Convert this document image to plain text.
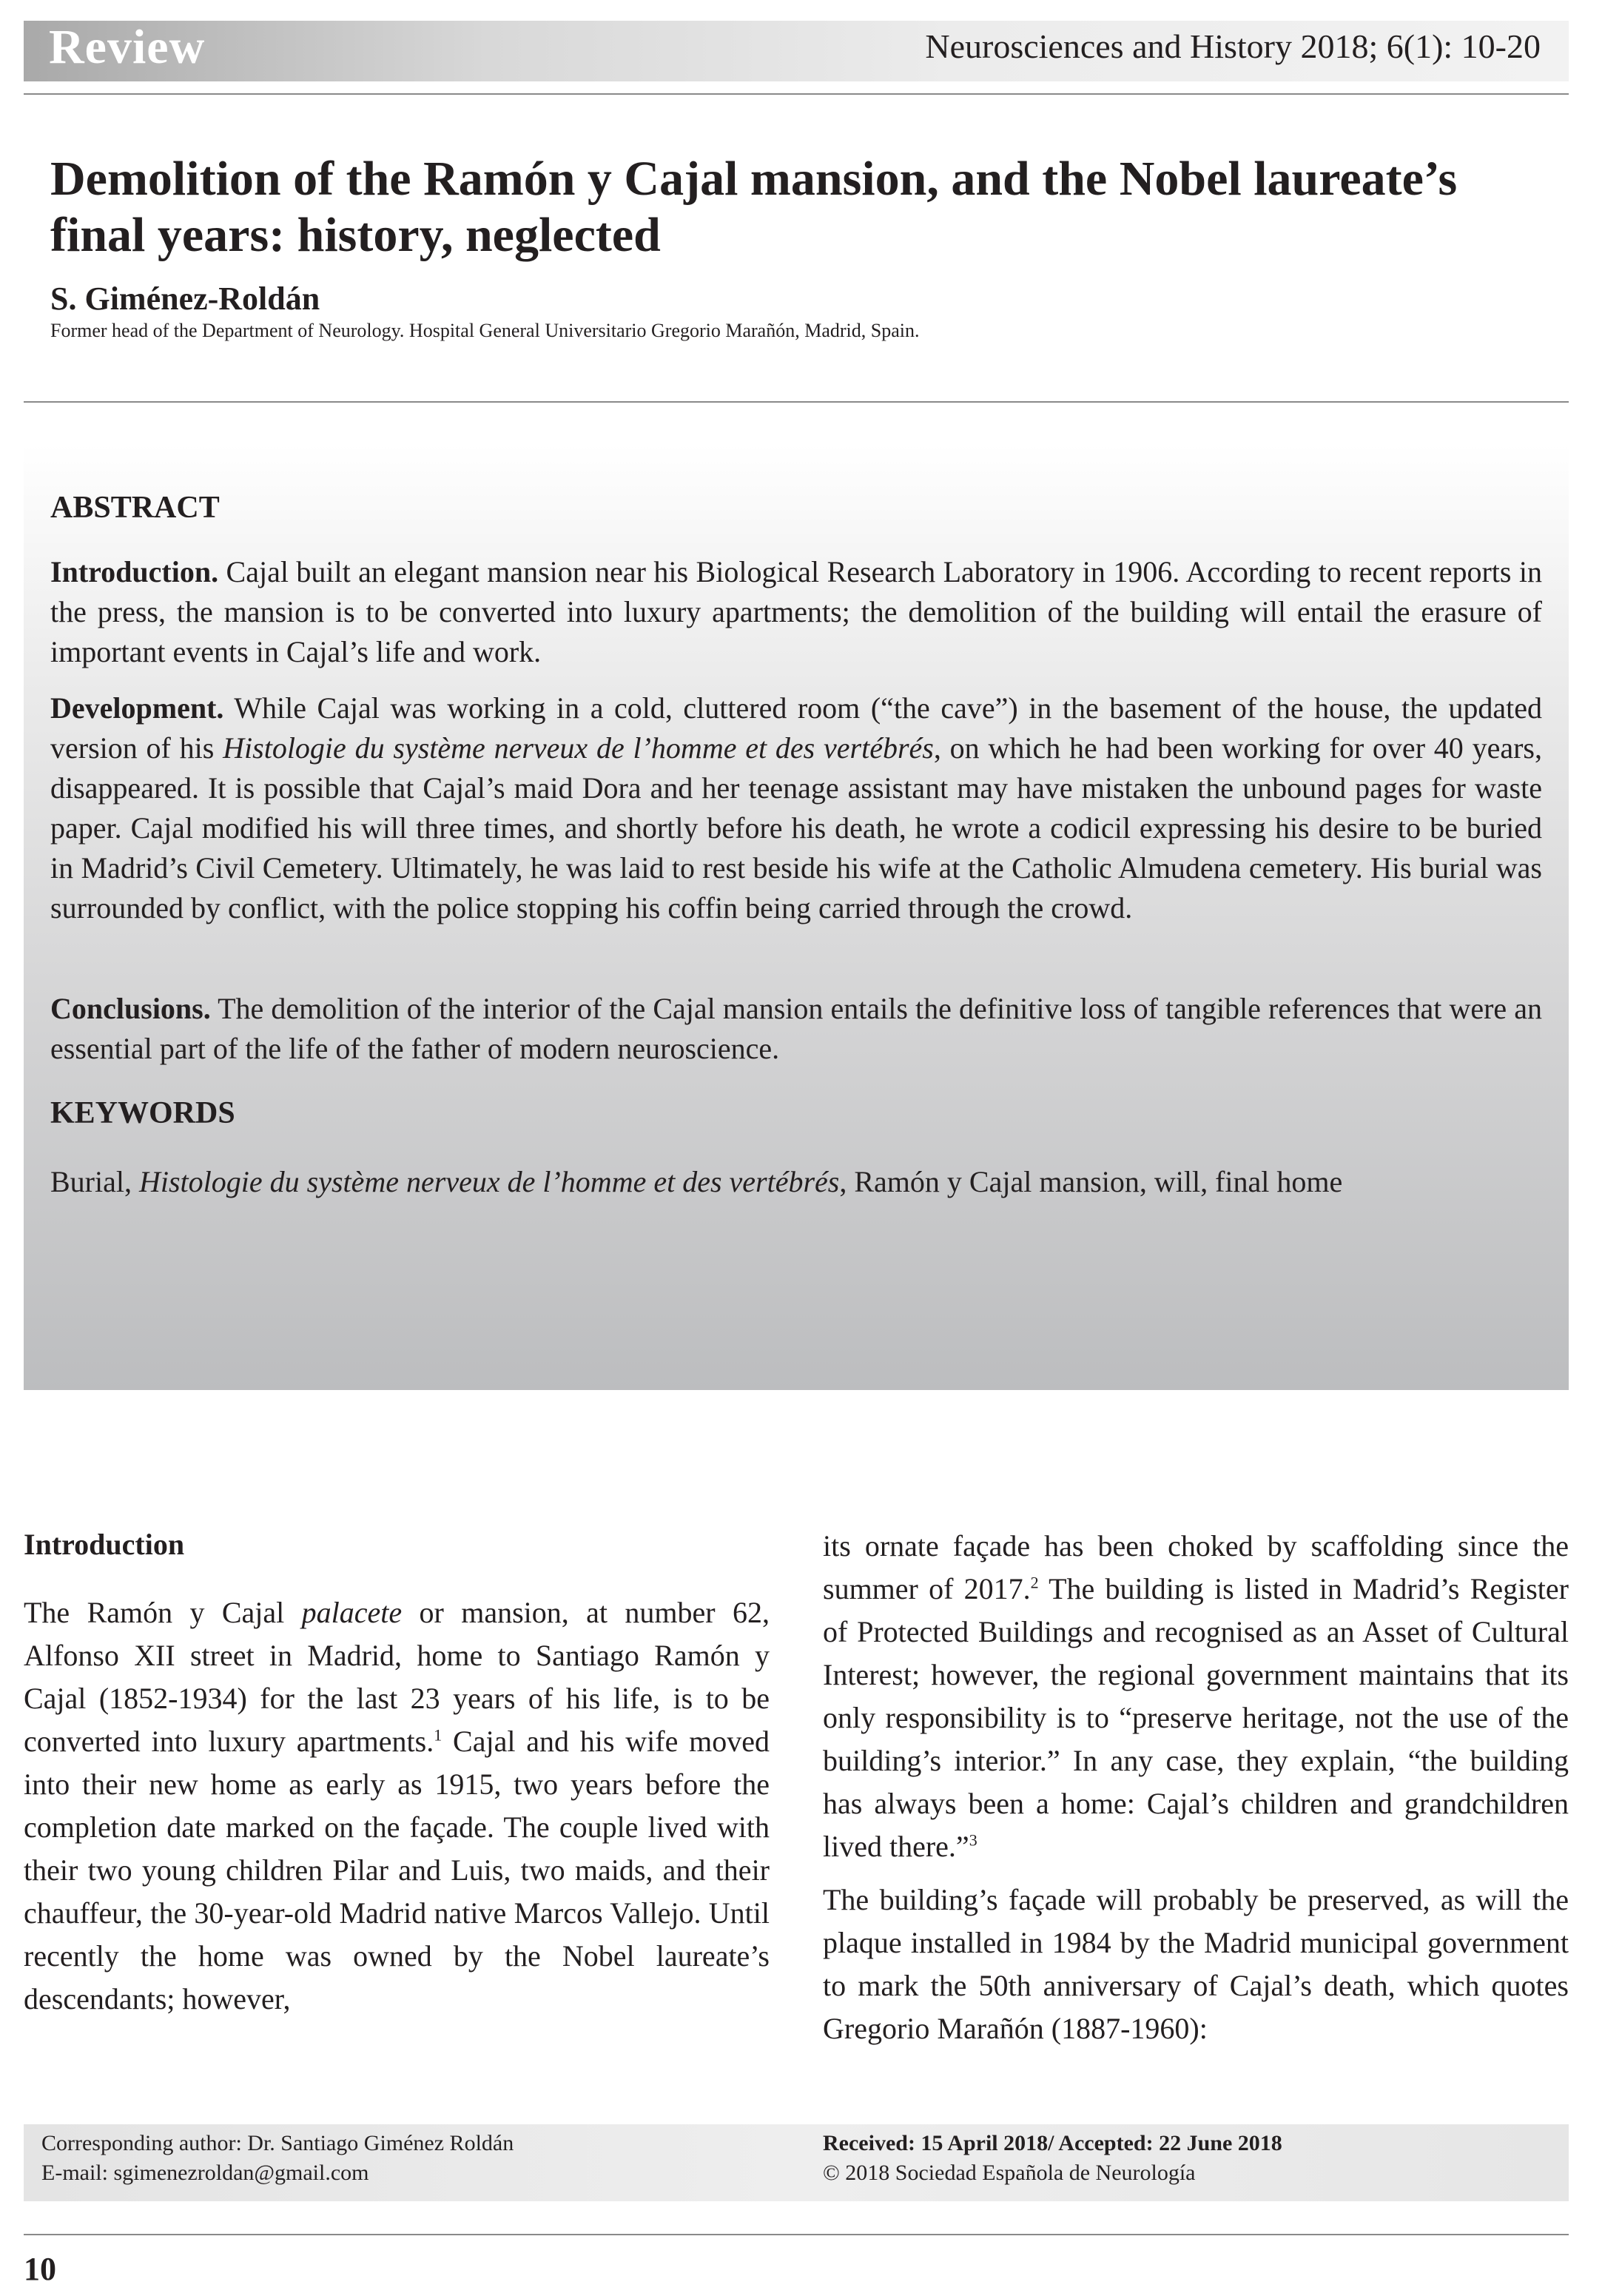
Review	Neurosciences and History 2018; 6(1): 10-20
Demolition of the Ramón y Cajal mansion, and the Nobel laureate’s
final years: history, neglected
S. Giménez-Roldán
Former head of the Department of Neurology. Hospital General Universitario Gregorio Marañón, Madrid, Spain.
ABSTRACT

Introduction. Cajal built an elegant mansion near his Biological Research Laboratory in 1906. According to recent reports in the press, the mansion is to be converted into luxury apartments; the demolition of the building will entail the erasure of important events in Cajal’s life and work.

Development. While Cajal was working in a cold, cluttered room (“the cave”) in the basement of the house, the updated version of his Histologie du système nerveux de l’homme et des vertébrés, on which he had been working for over 40 years, disappeared. It is possible that Cajal’s maid Dora and her teenage assistant may have mistaken the unbound pages for waste paper. Cajal modified his will three times, and shortly before his death, he wrote a codicil expressing his desire to be buried in Madrid’s Civil Cemetery. Ultimately, he was laid to rest beside his wife at the Catholic Almudena cemetery. His burial was surrounded by conflict, with the police stopping his coffin being carried through the crowd.

Conclusions. The demolition of the interior of the Cajal mansion entails the definitive loss of tangible references that were an essential part of the life of the father of modern neuroscience.

KEYWORDS

Burial, Histologie du système nerveux de l’homme et des vertébrés, Ramón y Cajal mansion, will, final home

Introduction

The Ramón y Cajal palacete or mansion, at number 62, Alfonso XII street in Madrid, home to Santiago Ramón y Cajal (1852-1934) for the last 23 years of his life, is to be converted into luxury apartments.$^1$ Cajal and his wife moved into their new home as early as 1915, two years before the completion date marked on the façade. The couple lived with their two young children Pilar and Luis, two maids, and their chauffeur, the 30-year-old Madrid native Marcos Vallejo. Until recently the home was owned by the Nobel laureate’s descendants; however,

its ornate façade has been choked by scaffolding since the summer of 2017.$^2$ The building is listed in Madrid’s Register of Protected Buildings and recognised as an Asset of Cultural Interest; however, the regional government maintains that its only responsibility is to “preserve heritage, not the use of the building’s interior.” In any case, they explain, “the building has always been a home: Cajal’s children and grandchildren lived there.”$^3$

The building’s façade will probably be preserved, as will the plaque installed in 1984 by the Madrid municipal government to mark the 50th anniversary of Cajal’s death, which quotes Gregorio Marañón (1887-1960):

Corresponding author: Dr. Santiago Giménez Roldán
E-mail: sgimenezroldan@gmail.com
Received: 15 April 2018/ Accepted: 22 June 2018
© 2018 Sociedad Española de Neurología
10
